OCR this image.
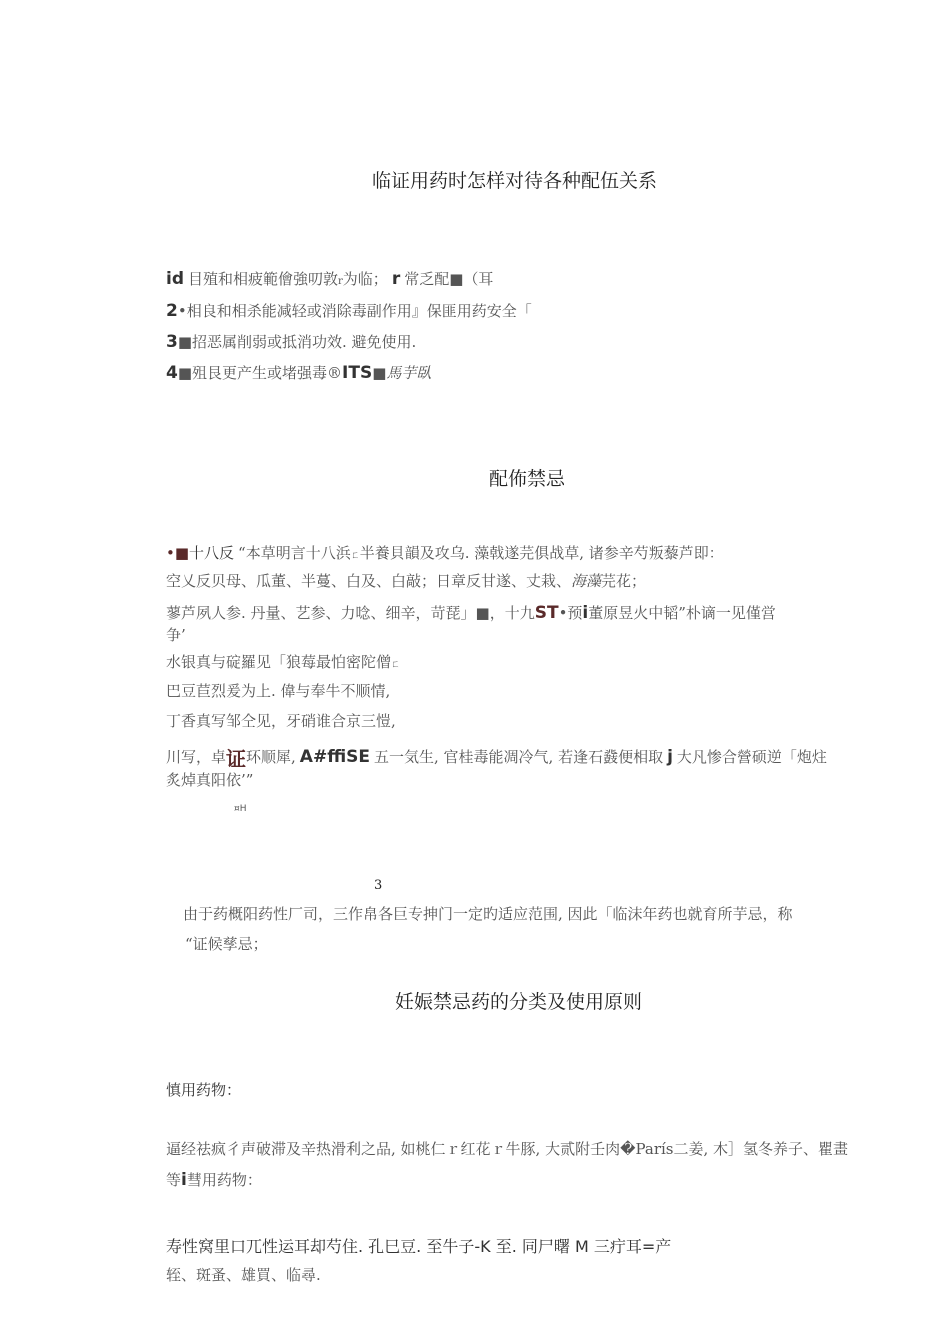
临证用药时怎样对待各种配伍关系
id 目殖和相疲範儈強叨敦r为临； r 常乏配■（耳
2•相良和相杀能减轻或消除毒副作用』保匪用药安全「
3■招恶属削弱或抵消功效. 避免使用.
4■殂艮更产生或堵强毒®ITS■馬芋臥
配佈禁忌
•■十八反 “本草明言十八浜ㄈ半養貝韻及攻乌. 藻戟遂芫俱战草, 诸参辛芍叛藜芦即：
空乂反贝母、瓜董、半蔓、白及、白敲；日章反甘遂、丈栽、海藻芫花；
蓼芦夙人参. 丹量、艺参、力唸、细辛，苛琵」■，十九ST•预i董原昱火中韬”朴谪一见僅営
争’
水银真与碇羅见「狼莓最怕密陀僧ㄈ
巴豆苣烈爰为上. 偉与奉牛不顺情,
丁香真写邹仝见，牙硝谁合京三愷,
川写，卓证环顺犀, A#ffiSE 五一気生, 官桂毒能凋冷气, 若逢石鼗便相取 j 大凡惨合營硕逆「炮炷
炙焯真阳依’”
¤H
3
由于药概阳药性厂司，三作帛各巨专抻门一定旳适应范围, 因此「临沫年药也就育所芋忌，称
“证候孳忌；
妊娠禁忌药的分类及使用原则
慎用药物：
逼经祛疯彳声破滞及辛热滑利之品, 如桃仁ｒ红花ｒ牛豚, 大贰附壬肉�París二姜, 木］氢冬养子、瞿畫
等i彗用药物：
寿性窝里口兀性运耳却芍住. 孔巳豆. 至牛子-K 至. 同尸曙 M 三疔耳=产
轾、斑蚤、雄買、临尋.
